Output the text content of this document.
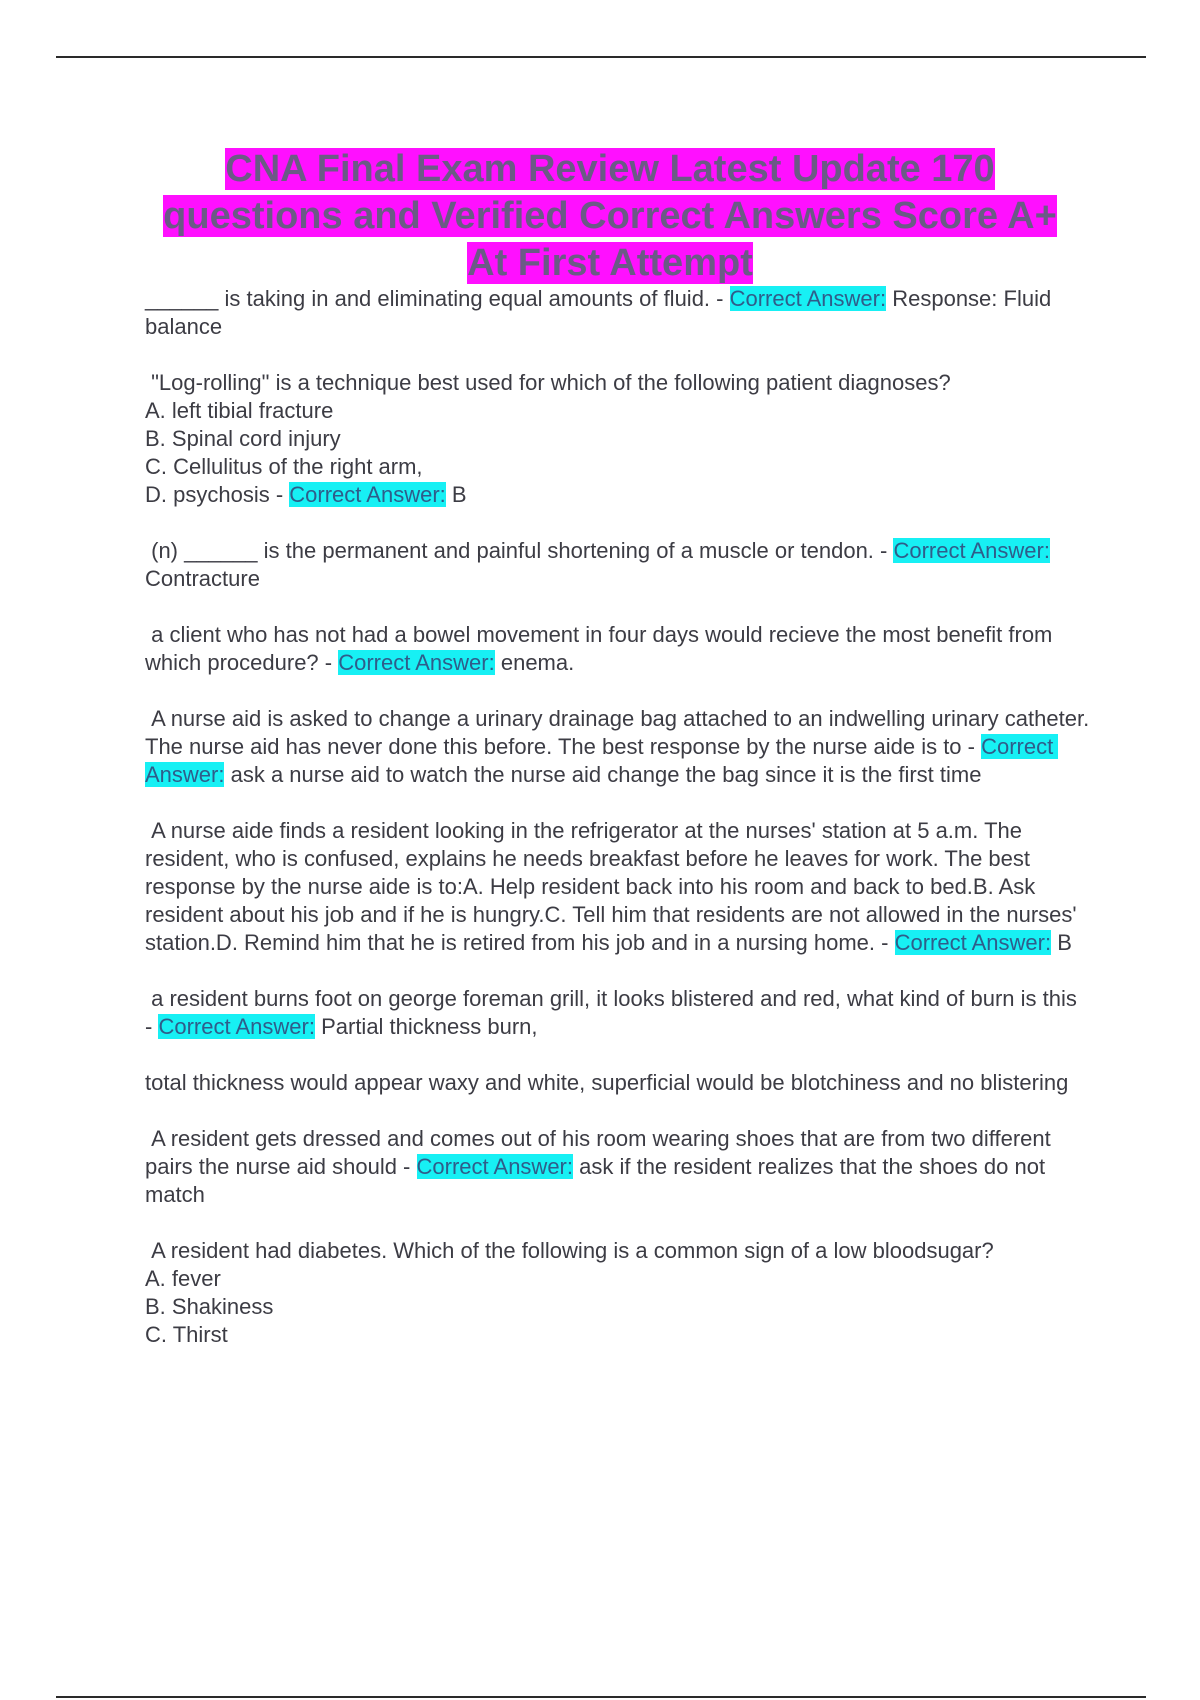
CNA Final Exam Review Latest Update 170 questions and Verified Correct Answers Score A+ At First Attempt
______ is taking in and eliminating equal amounts of fluid. - Correct Answer: Response: Fluid balance
"Log-rolling" is a technique best used for which of the following patient diagnoses?
A. left tibial fracture
B. Spinal cord injury
C. Cellulitus of the right arm,
D. psychosis - Correct Answer: B
(n) ______ is the permanent and painful shortening of a muscle or tendon. - Correct Answer: Contracture
a client who has not had a bowel movement in four days would recieve the most benefit from which procedure? - Correct Answer: enema.
A nurse aid is asked to change a urinary drainage bag attached to an indwelling urinary catheter. The nurse aid has never done this before. The best response by the nurse aide is to - Correct Answer: ask a nurse aid to watch the nurse aid change the bag since it is the first time
A nurse aide finds a resident looking in the refrigerator at the nurses' station at 5 a.m. The resident, who is confused, explains he needs breakfast before he leaves for work. The best response by the nurse aide is to:A. Help resident back into his room and back to bed.B. Ask resident about his job and if he is hungry.C. Tell him that residents are not allowed in the nurses' station.D. Remind him that he is retired from his job and in a nursing home. - Correct Answer: B
a resident burns foot on george foreman grill, it looks blistered and red, what kind of burn is this - Correct Answer: Partial thickness burn,
total thickness would appear waxy and white, superficial would be blotchiness and no blistering
A resident gets dressed and comes out of his room wearing shoes that are from two different pairs the nurse aid should - Correct Answer: ask if the resident realizes that the shoes do not match
A resident had diabetes. Which of the following is a common sign of a low bloodsugar?
A. fever
B. Shakiness
C. Thirst
